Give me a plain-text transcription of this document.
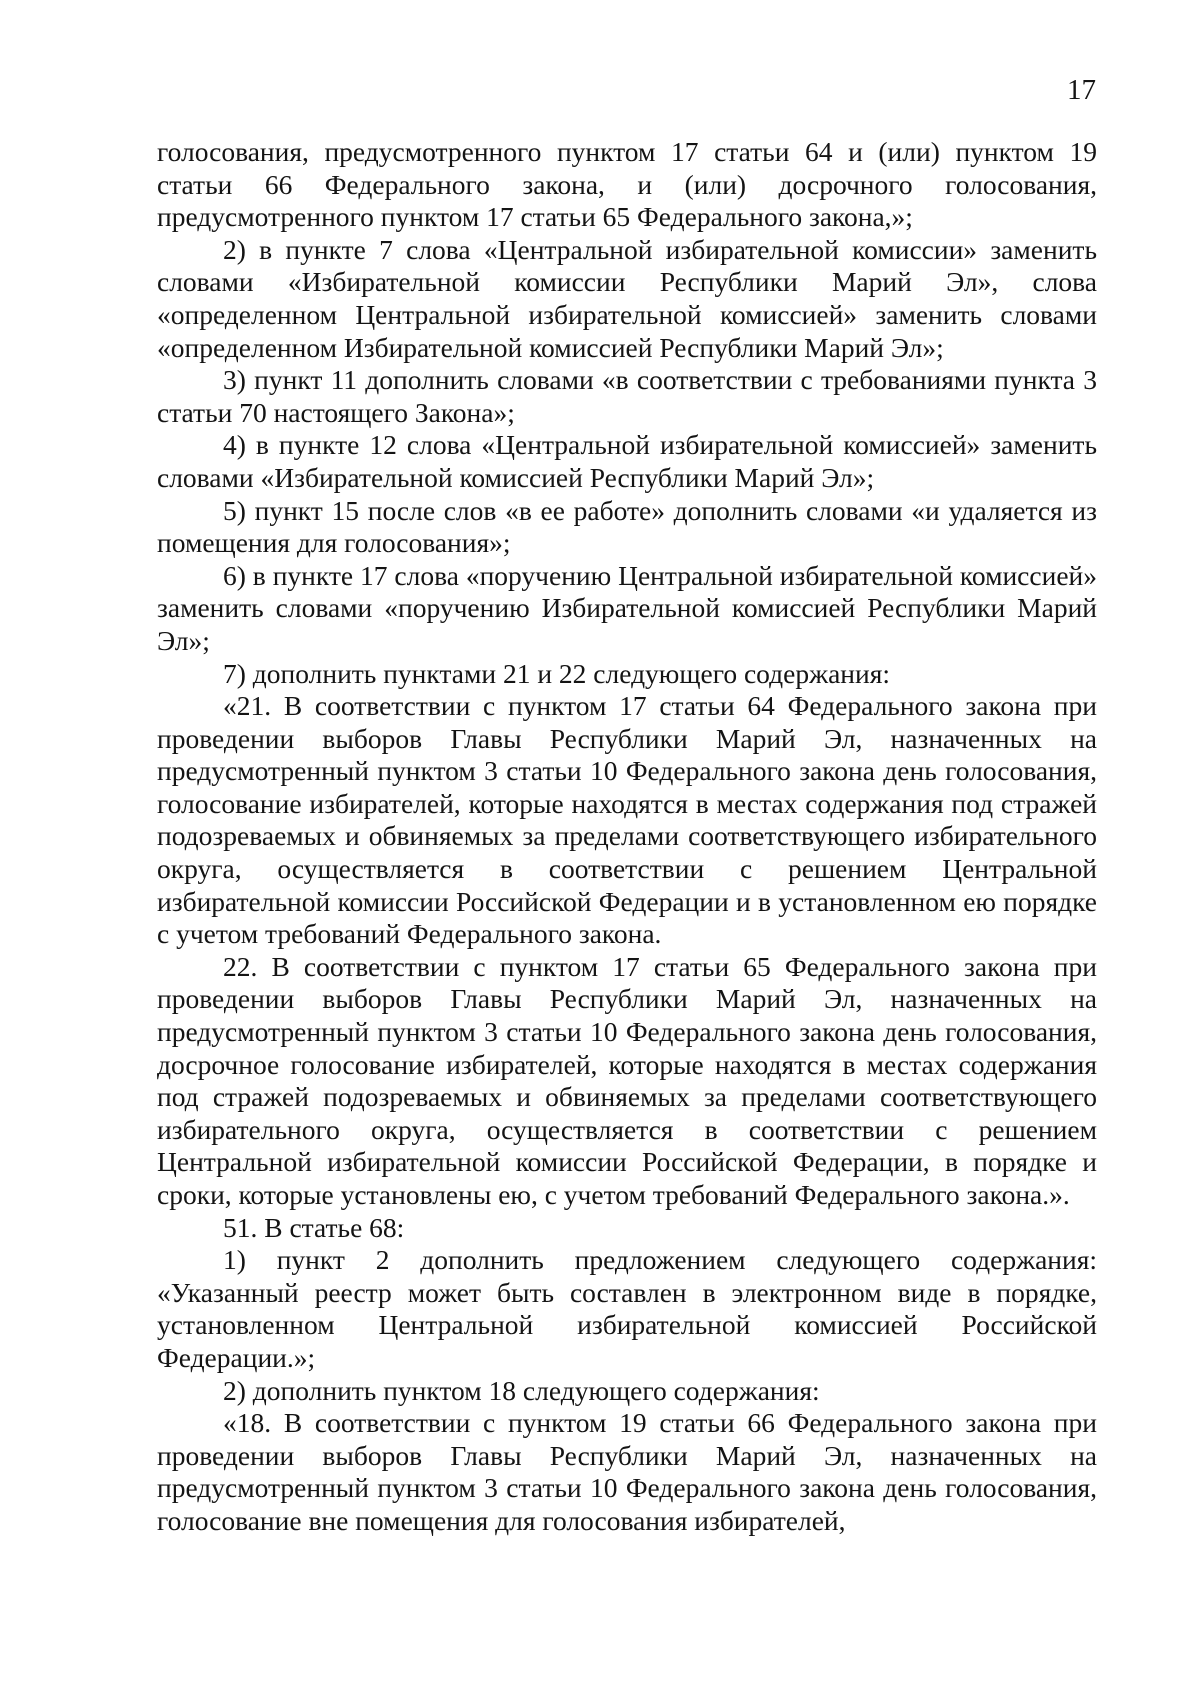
17

голосования, предусмотренного пунктом 17 статьи 64 и (или) пунктом 19 статьи 66 Федерального закона, и (или) досрочного голосования, предусмотренного пунктом 17 статьи 65 Федерального закона,»;

2) в пункте 7 слова «Центральной избирательной комиссии» заменить словами «Избирательной комиссии Республики Марий Эл», слова «определенном Центральной избирательной комиссией» заменить словами «определенном Избирательной комиссией Республики Марий Эл»;

3) пункт 11 дополнить словами «в соответствии с требованиями пункта 3 статьи 70 настоящего Закона»;

4) в пункте 12 слова «Центральной избирательной комиссией» заменить словами «Избирательной комиссией Республики Марий Эл»;

5) пункт 15 после слов «в ее работе» дополнить словами «и удаляется из помещения для голосования»;

6) в пункте 17 слова «поручению Центральной избирательной комиссией» заменить словами «поручению Избирательной комиссией Республики Марий Эл»;

7) дополнить пунктами 21 и 22 следующего содержания:

«21. В соответствии с пунктом 17 статьи 64 Федерального закона при проведении выборов Главы Республики Марий Эл, назначенных на предусмотренный пунктом 3 статьи 10 Федерального закона день голосования, голосование избирателей, которые находятся в местах содержания под стражей подозреваемых и обвиняемых за пределами соответствующего избирательного округа, осуществляется в соответствии с решением Центральной избирательной комиссии Российской Федерации и в установленном ею порядке с учетом требований Федерального закона.

22. В соответствии с пунктом 17 статьи 65 Федерального закона при проведении выборов Главы Республики Марий Эл, назначенных на предусмотренный пунктом 3 статьи 10 Федерального закона день голосования, досрочное голосование избирателей, которые находятся в местах содержания под стражей подозреваемых и обвиняемых за пределами соответствующего избирательного округа, осуществляется в соответствии с решением Центральной избирательной комиссии Российской Федерации, в порядке и сроки, которые установлены ею, с учетом требований Федерального закона.».

51. В статье 68:

1) пункт 2 дополнить предложением следующего содержания: «Указанный реестр может быть составлен в электронном виде в порядке, установленном Центральной избирательной комиссией Российской Федерации.»;

2) дополнить пунктом 18 следующего содержания:

«18. В соответствии с пунктом 19 статьи 66 Федерального закона при проведении выборов Главы Республики Марий Эл, назначенных на предусмотренный пунктом 3 статьи 10 Федерального закона день голосования, голосование вне помещения для голосования избирателей,
